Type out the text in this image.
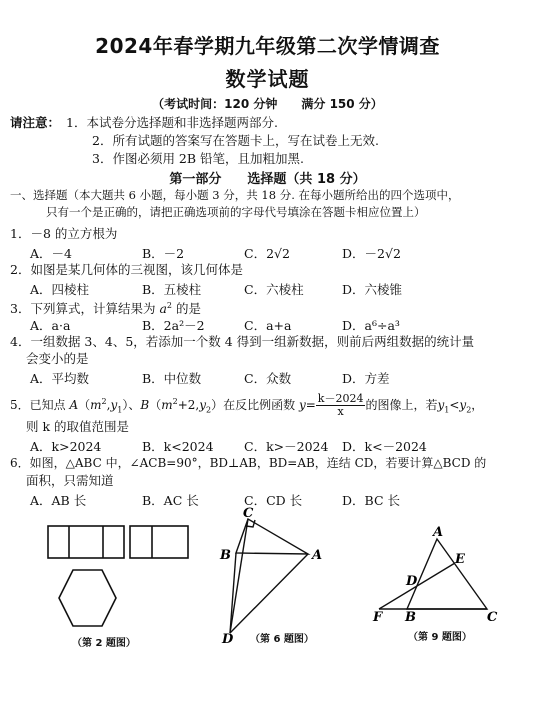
2024年春学期九年级第二次学情调查
数学试题
（考试时间：120 分钟　　满分 150 分）
请注意： 1．本试卷分选择题和非选择题两部分.
2．所有试题的答案写在答题卡上，写在试卷上无效.
3．作图必须用 2B 铅笔，且加粗加黑.
第一部分　　选择题（共 18 分）
一、选择题（本大题共 6 小题，每小题 3 分，共 18 分. 在每小题所给出的四个选项中，
只有一个是正确的，请把正确选项前的字母代号填涂在答题卡相应位置上）
1．－8 的立方根为
A．－4	B．－2	C．2√2	D．－2√2
2．如图是某几何体的三视图，该几何体是
A．四棱柱	B．五棱柱	C．六棱柱	D．六棱锥
3．下列算式，计算结果为 $a^2$ 的是
A．a·a	B．2a²－2	C．a+a	D．a⁶÷a³
4．一组数据 3、4、5，若添加一个数 4 得到一组新数据，则前后两组数据的统计量
会变小的是
A．平均数	B．中位数	C．众数	D．方差
5．已知点 $A(m^2,y_1)$、$B(m^2+2,y_2)$在反比例函数 $y= \frac{k-2024}{x}$ 的图像上，若$y_1<y_2$，
则 k 的取值范围是
A．k>2024	B．k<2024 C．k>－2024 D．k<－2024
6．如图，△ABC 中，∠ACB=90°，BD⊥AB，BD=AB，连结 CD，若要计算△BCD 的
面积，只需知道
A．AB 长	B．AC 长	C．CD 长	D．BC 长
（第 2 题图）
C
B	A
D （第 6 题图）
A
E
D
F B	C
（第 9 题图）
